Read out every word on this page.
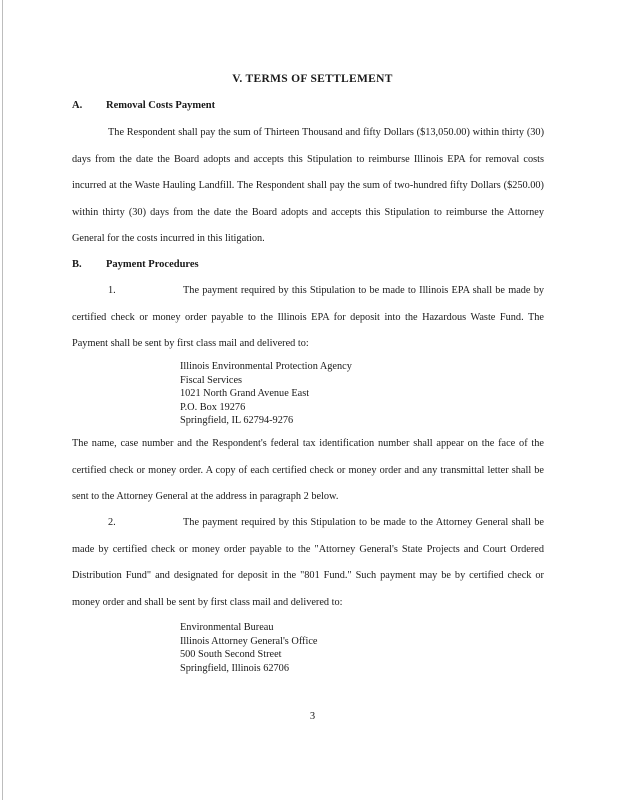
V. TERMS OF SETTLEMENT
A. Removal Costs Payment

The Respondent shall pay the sum of Thirteen Thousand and fifty Dollars ($13,050.00) within thirty (30) days from the date the Board adopts and accepts this Stipulation to reimburse Illinois EPA for removal costs incurred at the Waste Hauling Landfill. The Respondent shall pay the sum of two-hundred fifty Dollars ($250.00) within thirty (30) days from the date the Board adopts and accepts this Stipulation to reimburse the Attorney General for the costs incurred in this litigation.

B. Payment Procedures

1.	The payment required by this Stipulation to be made to Illinois EPA shall be made by certified check or money order payable to the Illinois EPA for deposit into the Hazardous Waste Fund. The Payment shall be sent by first class mail and delivered to:

Illinois Environmental Protection Agency
Fiscal Services
1021 North Grand Avenue East
P.O. Box 19276
Springfield, IL 62794-9276

The name, case number and the Respondent's federal tax identification number shall appear on the face of the certified check or money order. A copy of each certified check or money order and any transmittal letter shall be sent to the Attorney General at the address in paragraph 2 below.

2.	The payment required by this Stipulation to be made to the Attorney General shall be made by certified check or money order payable to the "Attorney General's State Projects and Court Ordered Distribution Fund" and designated for deposit in the "801 Fund." Such payment may be by certified check or money order and shall be sent by first class mail and delivered to:

Environmental Bureau
Illinois Attorney General's Office
500 South Second Street
Springfield, Illinois 62706
3
